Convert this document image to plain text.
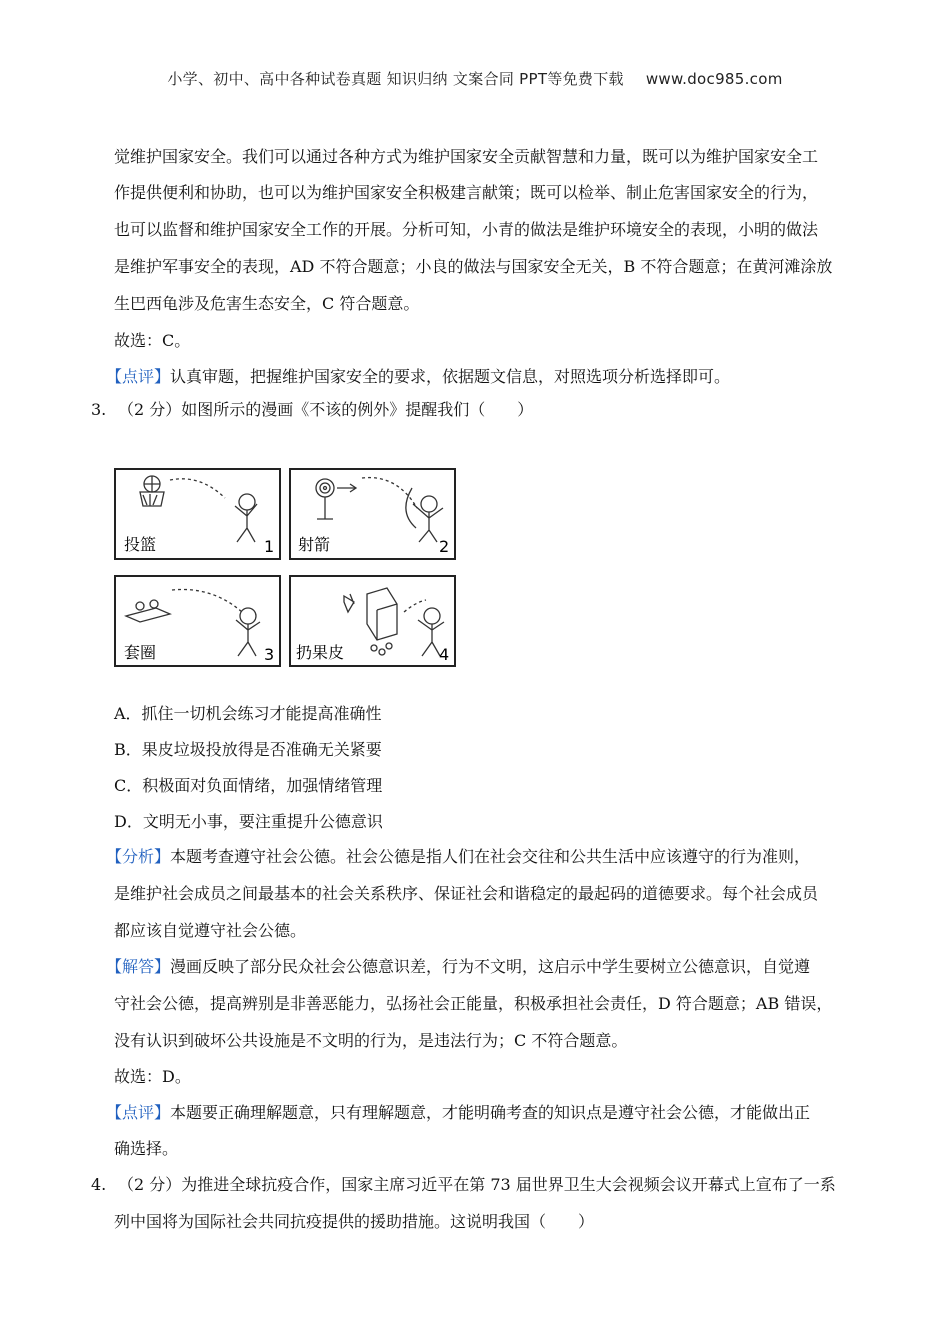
小学、初中、高中各种试卷真题 知识归纳 文案合同 PPT等免费下载 www.doc985.com
觉维护国家安全。我们可以通过各种方式为维护国家安全贡献智慧和力量，既可以为维护国家安全工
作提供便利和协助，也可以为维护国家安全积极建言献策；既可以检举、制止危害国家安全的行为，
也可以监督和维护国家安全工作的开展。分析可知，小青的做法是维护环境安全的表现，小明的做法
是维护军事安全的表现，AD 不符合题意；小良的做法与国家安全无关，B 不符合题意；在黄河滩涂放
生巴西龟涉及危害生态安全，C 符合题意。
故选：C。
【点评】认真审题，把握维护国家安全的要求，依据题文信息，对照选项分析选择即可。
3. （2 分）如图所示的漫画《不该的例外》提醒我们（　　）
投篮	1 射箭	2
套圈	3 扔果皮	4
A．抓住一切机会练习才能提高准确性
B．果皮垃圾投放得是否准确无关紧要
C．积极面对负面情绪，加强情绪管理
D．文明无小事，要注重提升公德意识
【分析】本题考查遵守社会公德。社会公德是指人们在社会交往和公共生活中应该遵守的行为准则，
是维护社会成员之间最基本的社会关系秩序、保证社会和谐稳定的最起码的道德要求。每个社会成员
都应该自觉遵守社会公德。
【解答】漫画反映了部分民众社会公德意识差，行为不文明，这启示中学生要树立公德意识，自觉遵
守社会公德，提高辨别是非善恶能力，弘扬社会正能量，积极承担社会责任，D 符合题意；AB 错误，
没有认识到破坏公共设施是不文明的行为，是违法行为；C 不符合题意。
故选：D。
【点评】本题要正确理解题意，只有理解题意，才能明确考查的知识点是遵守社会公德，才能做出正
确选择。
4. （2 分）为推进全球抗疫合作，国家主席习近平在第 73 届世界卫生大会视频会议开幕式上宣布了一系
列中国将为国际社会共同抗疫提供的援助措施。这说明我国（　　）
